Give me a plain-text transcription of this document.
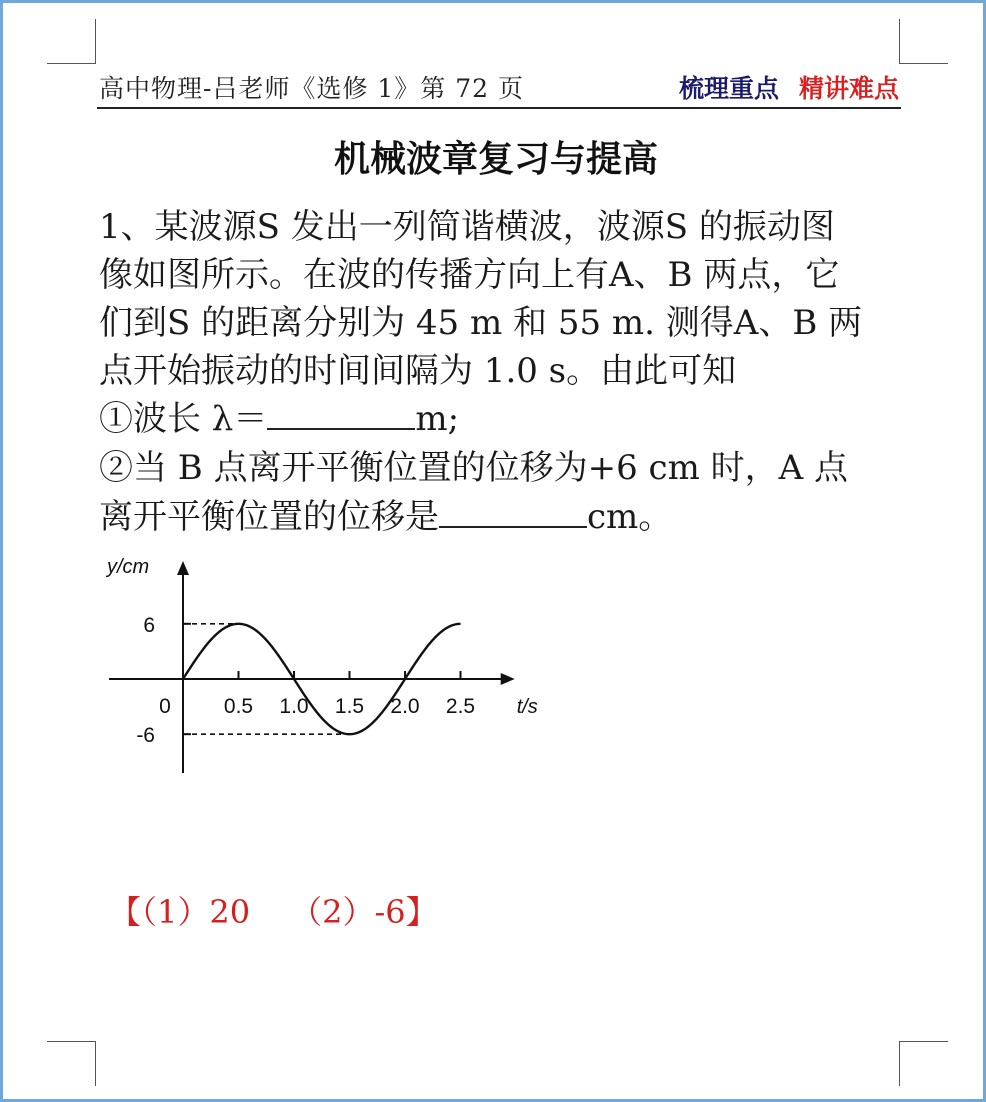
高中物理-吕老师《选修 1》第 72 页	梳理重点 精讲难点
机械波章复习与提高
1、某波源S 发出一列简谐横波，波源S 的振动图
像如图所示。在波的传播方向上有A、B 两点，它
们到S 的距离分别为 45 m 和 55 m. 测得A、B 两
点开始振动的时间间隔为 1.0 s。由此可知
①波长 λ＝	m;
②当 B 点离开平衡位置的位移为+6 cm 时，A 点
离开平衡位置的位移是	cm。
6
-6
0.5 1.0 1.5 2.0 2.5
0
y/cm
t/s
【（1）20 （2）-6】
